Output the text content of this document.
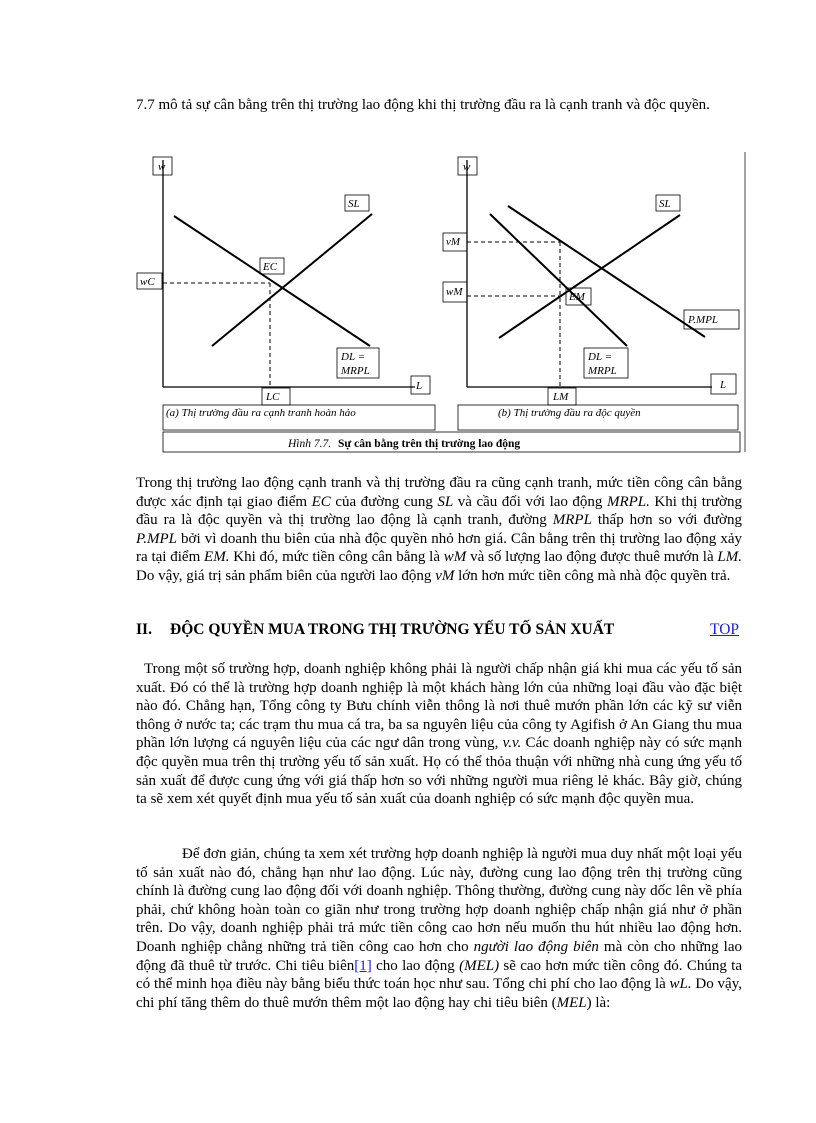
7.7 mô tả sự cân bằng trên thị trường lao động khi thị trường đầu ra là cạnh tranh và độc quyền.

w
SL
EC
wC
DL =
MRPL
L
LC
(a) Thị trường đầu ra cạnh tranh hoàn hảo
w
SL
vM
wM	EM
P.MPL
DL =
MRPL
L
LM
(b) Thị trường đầu ra độc quyền
Hình 7.7. Sự cân bằng trên thị trường lao động

Trong thị trường lao động cạnh tranh và thị trường đầu ra cũng cạnh tranh, mức tiền công cân bằng được xác định tại giao điểm EC của đường cung SL và cầu đối với lao động MRPL. Khi thị trường đầu ra là độc quyền và thị trường lao động là cạnh tranh, đường MRPL thấp hơn so với đường P.MPL bởi vì doanh thu biên của nhà độc quyền nhỏ hơn giá. Cân bằng trên thị trường lao động xảy ra tại điểm EM. Khi đó, mức tiền công cân bằng là wM và số lượng lao động được thuê mướn là LM. Do vậy, giá trị sản phẩm biên của người lao động vM lớn hơn mức tiền công mà nhà độc quyền trả.

II. ĐỘC QUYỀN MUA TRONG THỊ TRƯỜNG YẾU TỐ SẢN XUẤT	TOP

Trong một số trường hợp, doanh nghiệp không phải là người chấp nhận giá khi mua các yếu tố sản xuất. Đó có thể là trường hợp doanh nghiệp là một khách hàng lớn của những loại đầu vào đặc biệt nào đó. Chẳng hạn, Tổng công ty Bưu chính viễn thông là nơi thuê mướn phần lớn các kỹ sư viễn thông ở nước ta; các trạm thu mua cá tra, ba sa nguyên liệu của công ty Agifish ở An Giang thu mua phần lớn lượng cá nguyên liệu của các ngư dân trong vùng, v.v. Các doanh nghiệp này có sức mạnh độc quyền mua trên thị trường yếu tố sản xuất. Họ có thể thỏa thuận với những nhà cung ứng yếu tố sản xuất để được cung ứng với giá thấp hơn so với những người mua riêng lẻ khác. Bây giờ, chúng ta sẽ xem xét quyết định mua yếu tố sản xuất của doanh nghiệp có sức mạnh độc quyền mua.

Để đơn giản, chúng ta xem xét trường hợp doanh nghiệp là người mua duy nhất một loại yếu tố sản xuất nào đó, chẳng hạn như lao động. Lúc này, đường cung lao động trên thị trường cũng chính là đường cung lao động đối với doanh nghiệp. Thông thường, đường cung này dốc lên về phía phải, chứ không hoàn toàn co giãn như trong trường hợp doanh nghiệp chấp nhận giá như ở phần trên. Do vậy, doanh nghiệp phải trả mức tiền công cao hơn nếu muốn thu hút nhiều lao động hơn. Doanh nghiệp chẳng những trả tiền công cao hơn cho người lao động biên mà còn cho những lao động đã thuê từ trước. Chi tiêu biên[1] cho lao động (MEL) sẽ cao hơn mức tiền công đó. Chúng ta có thể minh họa điều này bằng biểu thức toán học như sau. Tổng chi phí cho lao động là wL. Do vậy, chi phí tăng thêm do thuê mướn thêm một lao động hay chi tiêu biên (MEL) là:
